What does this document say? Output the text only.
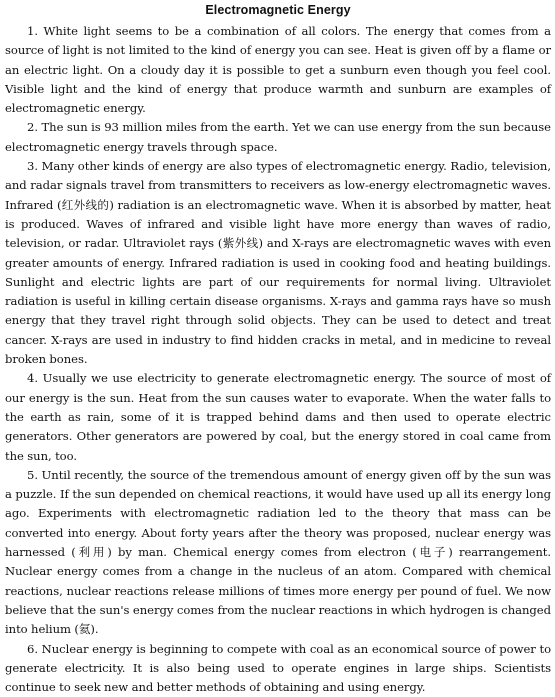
Electromagnetic Energy

1. White light seems to be a combination of all colors. The energy that comes from a source of light is not limited to the kind of energy you can see. Heat is given off by a flame or an electric light. On a cloudy day it is possible to get a sunburn even though you feel cool. Visible light and the kind of energy that produce warmth and sunburn are examples of electromagnetic energy.

2. The sun is 93 million miles from the earth. Yet we can use energy from the sun because electromagnetic energy travels through space.

3. Many other kinds of energy are also types of electromagnetic energy. Radio, television, and radar signals travel from transmitters to receivers as low-energy electromagnetic waves. Infrared (红外线的) radiation is an electromagnetic wave. When it is absorbed by matter, heat is produced. Waves of infrared and visible light have more energy than waves of radio, television, or radar. Ultraviolet rays (紫外线) and X-rays are electromagnetic waves with even greater amounts of energy. Infrared radiation is used in cooking food and heating buildings. Sunlight and electric lights are part of our requirements for normal living. Ultraviolet radiation is useful in killing certain disease organisms. X-rays and gamma rays have so mush energy that they travel right through solid objects. They can be used to detect and treat cancer. X-rays are used in industry to find hidden cracks in metal, and in medicine to reveal broken bones.

4. Usually we use electricity to generate electromagnetic energy. The source of most of our energy is the sun. Heat from the sun causes water to evaporate. When the water falls to the earth as rain, some of it is trapped behind dams and then used to operate electric generators. Other generators are powered by coal, but the energy stored in coal came from the sun, too.

5. Until recently, the source of the tremendous amount of energy given off by the sun was a puzzle. If the sun depended on chemical reactions, it would have used up all its energy long ago. Experiments with electromagnetic radiation led to the theory that mass can be converted into energy. About forty years after the theory was proposed, nuclear energy was harnessed (利用) by man. Chemical energy comes from electron (电子) rearrangement. Nuclear energy comes from a change in the nucleus of an atom. Compared with chemical reactions, nuclear reactions release millions of times more energy per pound of fuel. We now believe that the sun's energy comes from the nuclear reactions in which hydrogen is changed into helium (氦).

6. Nuclear energy is beginning to compete with coal as an economical source of power to generate electricity. It is also being used to operate engines in large ships. Scientists continue to seek new and better methods of obtaining and using energy.
